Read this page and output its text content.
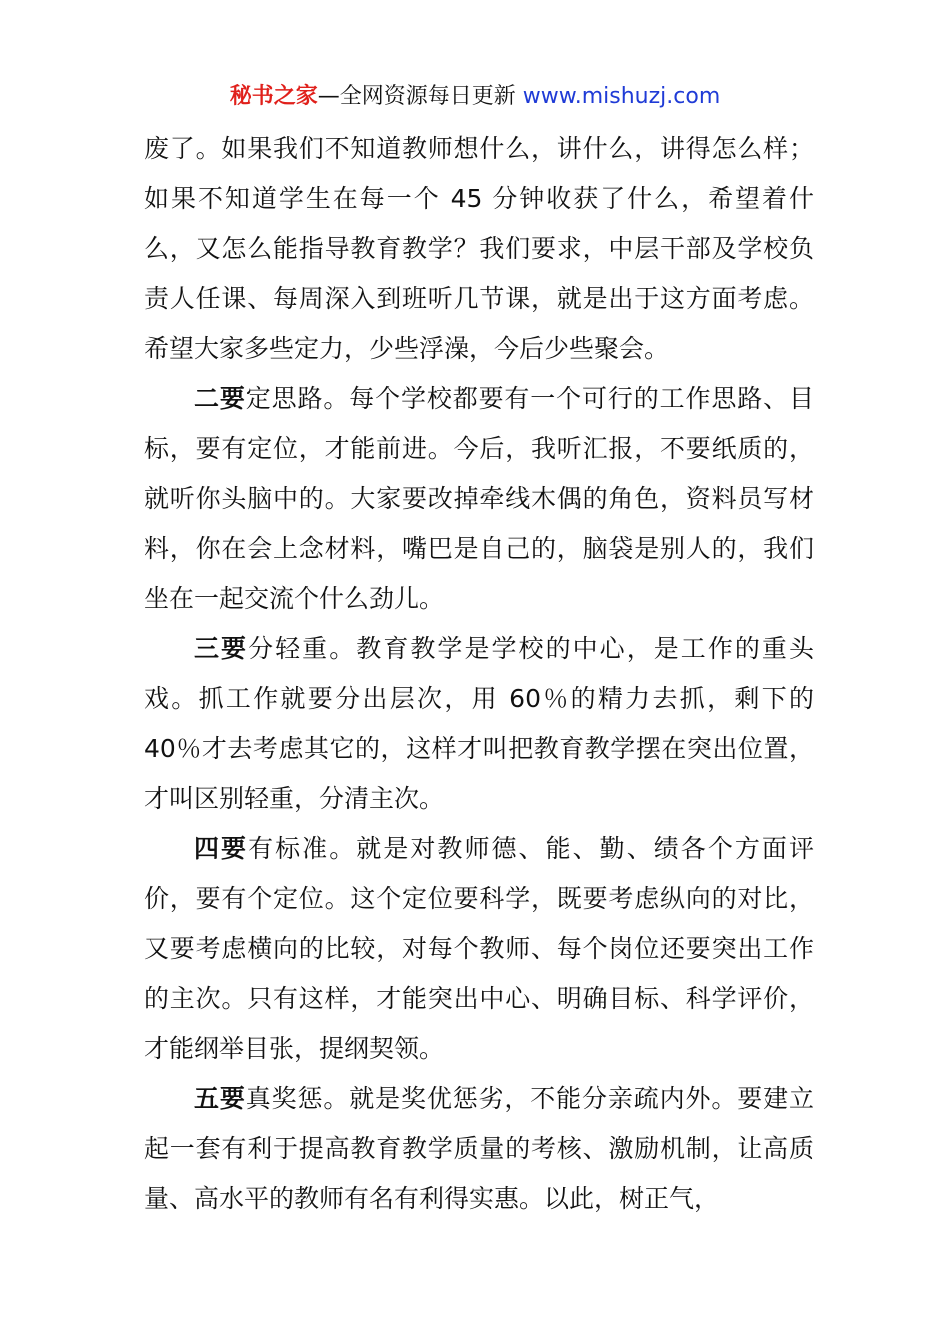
秘书之家—全网资源每日更新 www.mishuzj.com

废了。如果我们不知道教师想什么，讲什么，讲得怎么样；如果不知道学生在每一个 45 分钟收获了什么，希望着什么，又怎么能指导教育教学？我们要求，中层干部及学校负责人任课、每周深入到班听几节课，就是出于这方面考虑。希望大家多些定力，少些浮澡，今后少些聚会。

二要定思路。每个学校都要有一个可行的工作思路、目标，要有定位，才能前进。今后，我听汇报，不要纸质的，就听你头脑中的。大家要改掉牵线木偶的角色，资料员写材料，你在会上念材料，嘴巴是自己的，脑袋是别人的，我们坐在一起交流个什么劲儿。

三要分轻重。教育教学是学校的中心，是工作的重头戏。抓工作就要分出层次，用 60％的精力去抓，剩下的 40％才去考虑其它的，这样才叫把教育教学摆在突出位置，才叫区别轻重，分清主次。

四要有标准。就是对教师德、能、勤、绩各个方面评价，要有个定位。这个定位要科学，既要考虑纵向的对比，又要考虑横向的比较，对每个教师、每个岗位还要突出工作的主次。只有这样，才能突出中心、明确目标、科学评价，才能纲举目张，提纲契领。

五要真奖惩。就是奖优惩劣，不能分亲疏内外。要建立起一套有利于提高教育教学质量的考核、激励机制，让高质量、高水平的教师有名有利得实惠。以此，树正气，
